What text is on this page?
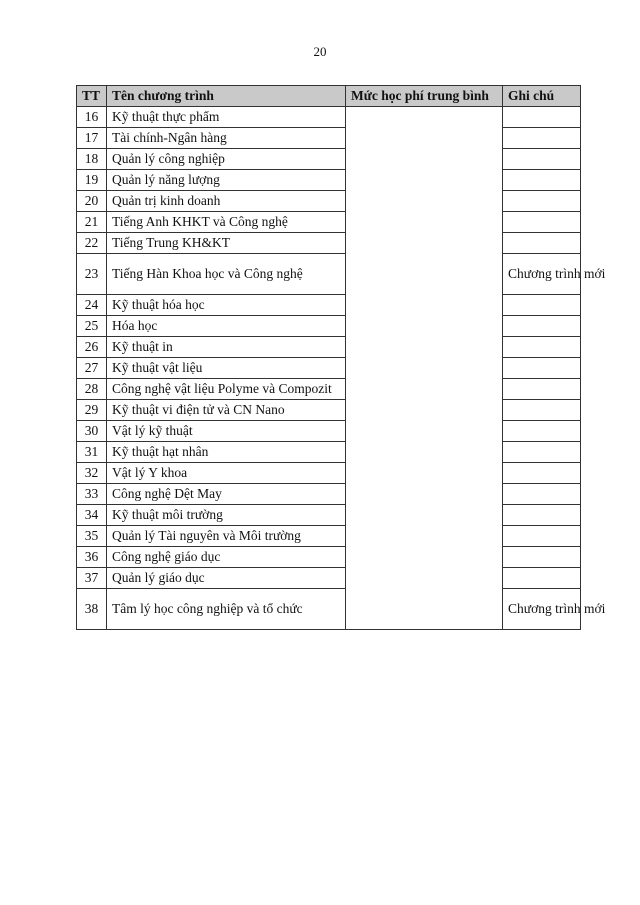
20
TT	Tên chương trình	Mức học phí trung bình	Ghi chú
16	Kỹ thuật thực phẩm		
17	Tài chính-Ngân hàng		
18	Quản lý công nghiệp		
19	Quản lý năng lượng		
20	Quản trị kinh doanh		
21	Tiếng Anh KHKT và Công nghệ		
22	Tiếng Trung KH&KT		
23	Tiếng Hàn Khoa học và Công nghệ		Chương trình mới
24	Kỹ thuật hóa học		
25	Hóa học		
26	Kỹ thuật in		
27	Kỹ thuật vật liệu		
28	Công nghệ vật liệu Polyme và Compozit		
29	Kỹ thuật vi điện tử và CN Nano		
30	Vật lý kỹ thuật		
31	Kỹ thuật hạt nhân		
32	Vật lý Y khoa		
33	Công nghệ Dệt May		
34	Kỹ thuật môi trường		
35	Quản lý Tài nguyên và Môi trường		
36	Công nghệ giáo dục		
37	Quản lý giáo dục		
38	Tâm lý học công nghiệp và tổ chức		Chương trình mới
